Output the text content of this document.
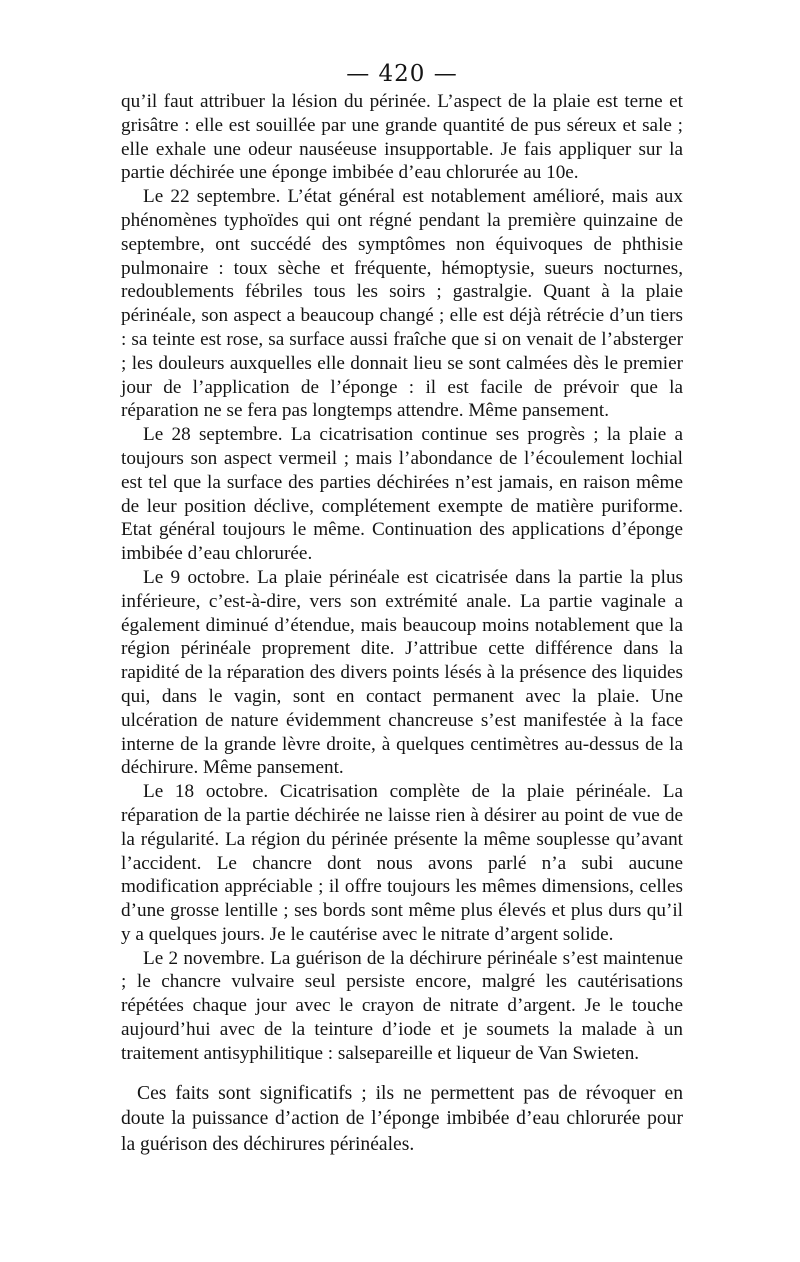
— 420 —

qu’il faut attribuer la lésion du périnée. L’aspect de la plaie est terne et grisâtre : elle est souillée par une grande quantité de pus séreux et sale ; elle exhale une odeur nauséeuse insupportable. Je fais appliquer sur la partie déchirée une éponge imbibée d’eau chlorurée au 10e.

Le 22 septembre. L’état général est notablement amélioré, mais aux phénomènes typhoïdes qui ont régné pendant la première quinzaine de septembre, ont succédé des symptômes non équivoques de phthisie pulmonaire : toux sèche et fréquente, hémoptysie, sueurs nocturnes, redoublements fébriles tous les soirs ; gastralgie. Quant à la plaie périnéale, son aspect a beaucoup changé ; elle est déjà rétrécie d’un tiers : sa teinte est rose, sa surface aussi fraîche que si on venait de l’absterger ; les douleurs auxquelles elle donnait lieu se sont calmées dès le premier jour de l’application de l’éponge : il est facile de prévoir que la réparation ne se fera pas longtemps attendre. Même pansement.

Le 28 septembre. La cicatrisation continue ses progrès ; la plaie a toujours son aspect vermeil ; mais l’abondance de l’écoulement lochial est tel que la surface des parties déchirées n’est jamais, en raison même de leur position déclive, complétement exempte de matière puriforme. Etat général toujours le même. Continuation des applications d’éponge imbibée d’eau chlorurée.

Le 9 octobre. La plaie périnéale est cicatrisée dans la partie la plus inférieure, c’est-à-dire, vers son extrémité anale. La partie vaginale a également diminué d’étendue, mais beaucoup moins notablement que la région périnéale proprement dite. J’attribue cette différence dans la rapidité de la réparation des divers points lésés à la présence des liquides qui, dans le vagin, sont en contact permanent avec la plaie. Une ulcération de nature évidemment chancreuse s’est manifestée à la face interne de la grande lèvre droite, à quelques centimètres au-dessus de la déchirure. Même pansement.

Le 18 octobre. Cicatrisation complète de la plaie périnéale. La réparation de la partie déchirée ne laisse rien à désirer au point de vue de la régularité. La région du périnée présente la même souplesse qu’avant l’accident. Le chancre dont nous avons parlé n’a subi aucune modification appréciable ; il offre toujours les mêmes dimensions, celles d’une grosse lentille ; ses bords sont même plus élevés et plus durs qu’il y a quelques jours. Je le cautérise avec le nitrate d’argent solide.

Le 2 novembre. La guérison de la déchirure périnéale s’est maintenue ; le chancre vulvaire seul persiste encore, malgré les cautérisations répétées chaque jour avec le crayon de nitrate d’argent. Je le touche aujourd’hui avec de la teinture d’iode et je soumets la malade à un traitement antisyphilitique : salsepareille et liqueur de Van Swieten.

Ces faits sont significatifs ; ils ne permettent pas de révoquer en doute la puissance d’action de l’éponge imbibée d’eau chlorurée pour la guérison des déchirures périnéales.
